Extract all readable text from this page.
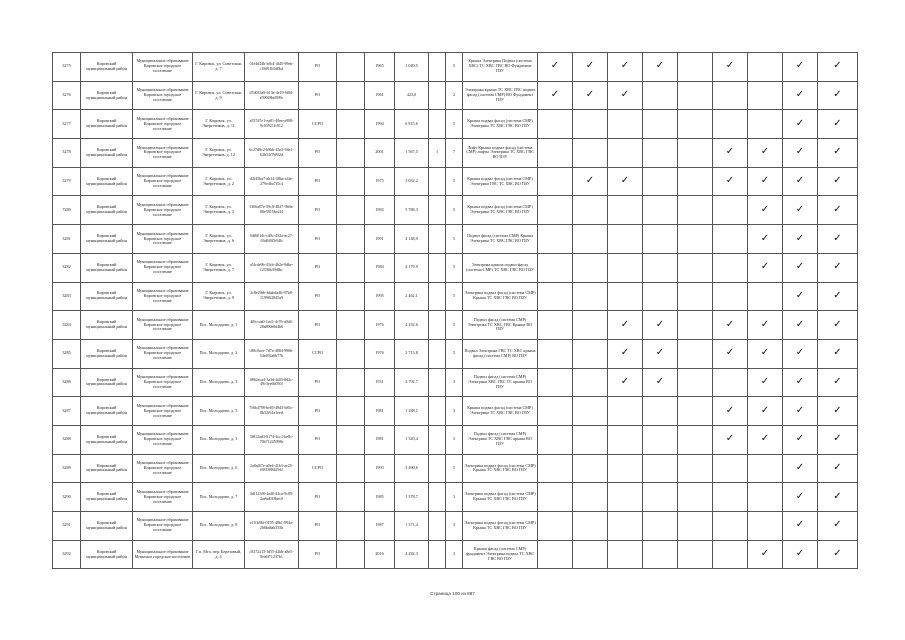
3275	Кировский муниципальный район	Муниципальное образование Кировское городское поселение	Г. Кировск, ул. Советская, д. 7	01e4d24b-b8c4-4f45-99eb-c18d91b5d0b4	РО		1965	1 049,5		5	Крыша Электрика Подвал (система ХВС) ТС ХВС ГВС ВО Фундамент ПЗУ	✓	✓	✓	✓		✓		✓	✓
3276	Кировский муниципальный район	Муниципальное образование Кировское городское поселение	Г. Кировск, ул. Советская, д. 9	d7d033a9-613e-4e19-9f0d-e59028bd399c	РО		1961	423,0		2	Электрика крыша ТС ХВС ГВС подвал фасад (система СМР) ВО Фундамент ПЗУ	✓	✓	✓					✓	✓
3277	Кировский муниципальный район	Муниципальное образование Кировское городское поселение	Г. Кировск, ул. Энергетиков, д. 11	a557d7e1-ea81-40ee-a908-9c05921fc912	ССРО		1994	6 815,6		5	Крыша подвал фасад (система СМР) Электрика ТС ХВС ГВС ВО ПЗУ								✓	✓
3278	Кировский муниципальный район	Муниципальное образование Кировское городское поселение	Г. Кировск, ул. Энергетиков, д. 12	6c27d8c2-b9bb-43e5-94e1-62b52f7b8f2d	РО		2001	1 567,5	1	7	Лифт Крыша подвал фасад (система СМР) лифты Электрика ТС ХВС ГВС ВО ПЗУ						✓	✓	✓	✓
3279	Кировский муниципальный район	Муниципальное образование Кировское городское поселение	Г. Кировск, ул. Энергетиков, д. 2	d2f45ba7-ab14-48ba-af4e-279e46a7f5c4	РО		1975	3 032,2		5	Крыша подвал фасад (система СМР) Электрика ГВС ТС ХВС ВО ПЗУ		✓	✓			✓	✓	✓	✓
7280	Кировский муниципальный район	Муниципальное образование Кировское городское поселение	Г. Кировск, ул. Энергетиков, д. 3	1306a07e-59c8-4827-9b9a-06e5915be2f4	РО		1982	5 786,3		5	Крыша подвал фасад (система СМР) Электрика ТС ХВС ГВС ВО ПЗУ							✓	✓	✓
3281	Кировский муниципальный район	Муниципальное образование Кировское городское поселение	Г. Кировск, ул. Энергетиков, д. 6	5df6014c-cd9c-452a-ac27-63d6f0f5f64b	РО		1991	4 148,9		5	Подвал фасад (система СМР) Крыша Электрика ТС ХВС ГВС ВО ПЗУ							✓	✓	✓
3282	Кировский муниципальный район	Муниципальное образование Кировское городское поселение	Г. Кировск, ул. Энергетиков, д. 7	a5fcde9b-43cb-4b2e-9dbe-f2336b39dfbc	РО		1984	4 179,9		5	Электрика крыша подвал фасад (система СМР) ТС ХВС ГВС ВО ПЗУ							✓	✓	✓
3283	Кировский муниципальный район	Муниципальное образование Кировское городское поселение	Г. Кировск, ул. Энергетиков, д. 9	2c8e29eb-bbab4a4b-97b8-1199f62845a9	РО		1995	2 462,1		5	Электрика подвал фасад (система СМР) Крыша ТС ХВС ГВС ВО ПЗУ								✓	✓
3284	Кировский муниципальный район	Муниципальное образование Кировское городское поселение	Пос. Молодцово, д. 1	4f0ccaa0-1ac5-4c76-a9d4-28a890e8d4b6	РО		1976	4 252,6		5	Подвал фасад (система СМР) Электрика ТС ХВС ГВС Крыша ВО ПЗУ			✓	✓		✓	✓	✓	✓
3285	Кировский муниципальный район	Муниципальное образование Кировское городское поселение	Пос. Молодцово, д. 2	c88c0ace-7d7a-4884-990b-54e492a6b77b	ССРО		1976	2 713,8		5	Подвал Электрика ГВС ТС ХВС крыша фасад (система СМР) ВО ПЗУ			✓	✓		✓	✓	✓	✓
3286	Кировский муниципальный район	Муниципальное образование Кировское городское поселение	Пос. Молодцово, д. 3	0862eca4-3a3d-4df5-8d2c-49c3ee6b050f	РО		1931	2 792,7		3	Подвал фасад (система СМР) Электрика ХВС ГВС ТС крыша ВО ПЗУ			✓	✓			✓	✓	✓
3287	Кировский муниципальный район	Муниципальное образование Кировское городское поселение	Пос. Молодцово, д. 5	7f6b4798-be05-49d3-b85c-8b52f61a1eed	РО		1981	1 288,1		3	Крыша подвал фасад (система СМР) Электрика ТС ХВС ГВС ВО ПЗУ						✓	✓	✓	✓
3288	Кировский муниципальный район	Муниципальное образование Кировское городское поселение	Пос. Молодцово, д. 3	3f812ad3-8174-4cc1-be8c-70b71245998e	РО		1981	1 320,4		3	Подвал фасад (система СМР) Электрика ТС ХВС ГВС крыша ВО ПЗУ						✓	✓	✓	✓
3289	Кировский муниципальный район	Муниципальное образование Кировское городское поселение	Пос. Молодцово, д. 6	2a8af67e-a0e4-41b3-ae25-f6818884294f	ССРО		1993	3 490,6		5	Электрика подвал фасад (система СМР) Крыша ТС ХВС ГВС ВО ПЗУ								✓	✓
3290	Кировский муниципальный район	Муниципальное образование Кировское городское поселение	Пос. Молодцово, д. 7	4d1123f8-4a40-43ca-9c09-2aebd018bec0	РО		1985	1 378,7		3	Электрика подвал фасад (система СМР) Крыша ТС ХВС ГВС ВО ПЗУ								✓	✓
3291	Кировский муниципальный район	Муниципальное образование Кировское городское поселение	Пос. Молодцово, д. 8	e1f1b96f-0195-48b1-994a-266ba8ab555b	РО		1987	1 371,4		3	Электрика подвал фасад (система СМР) Крыша ТС ХВС ГВС ВО ПЗУ								✓	✓
3292	Кировский муниципальный район	Муниципальное образование Мгинское городское поселение	Г.п. Мга, пер. Березовый, д. 4	c8372215-fd55-42bb-a8e5-9ea6f71237b1	РО		2016	4 282,3		3	Крыша фасад (система СМР) фундамент Электрика подвал ТС ХВС ГВС ВО ПЗУ							✓	✓	✓
Страница 100 из 887
